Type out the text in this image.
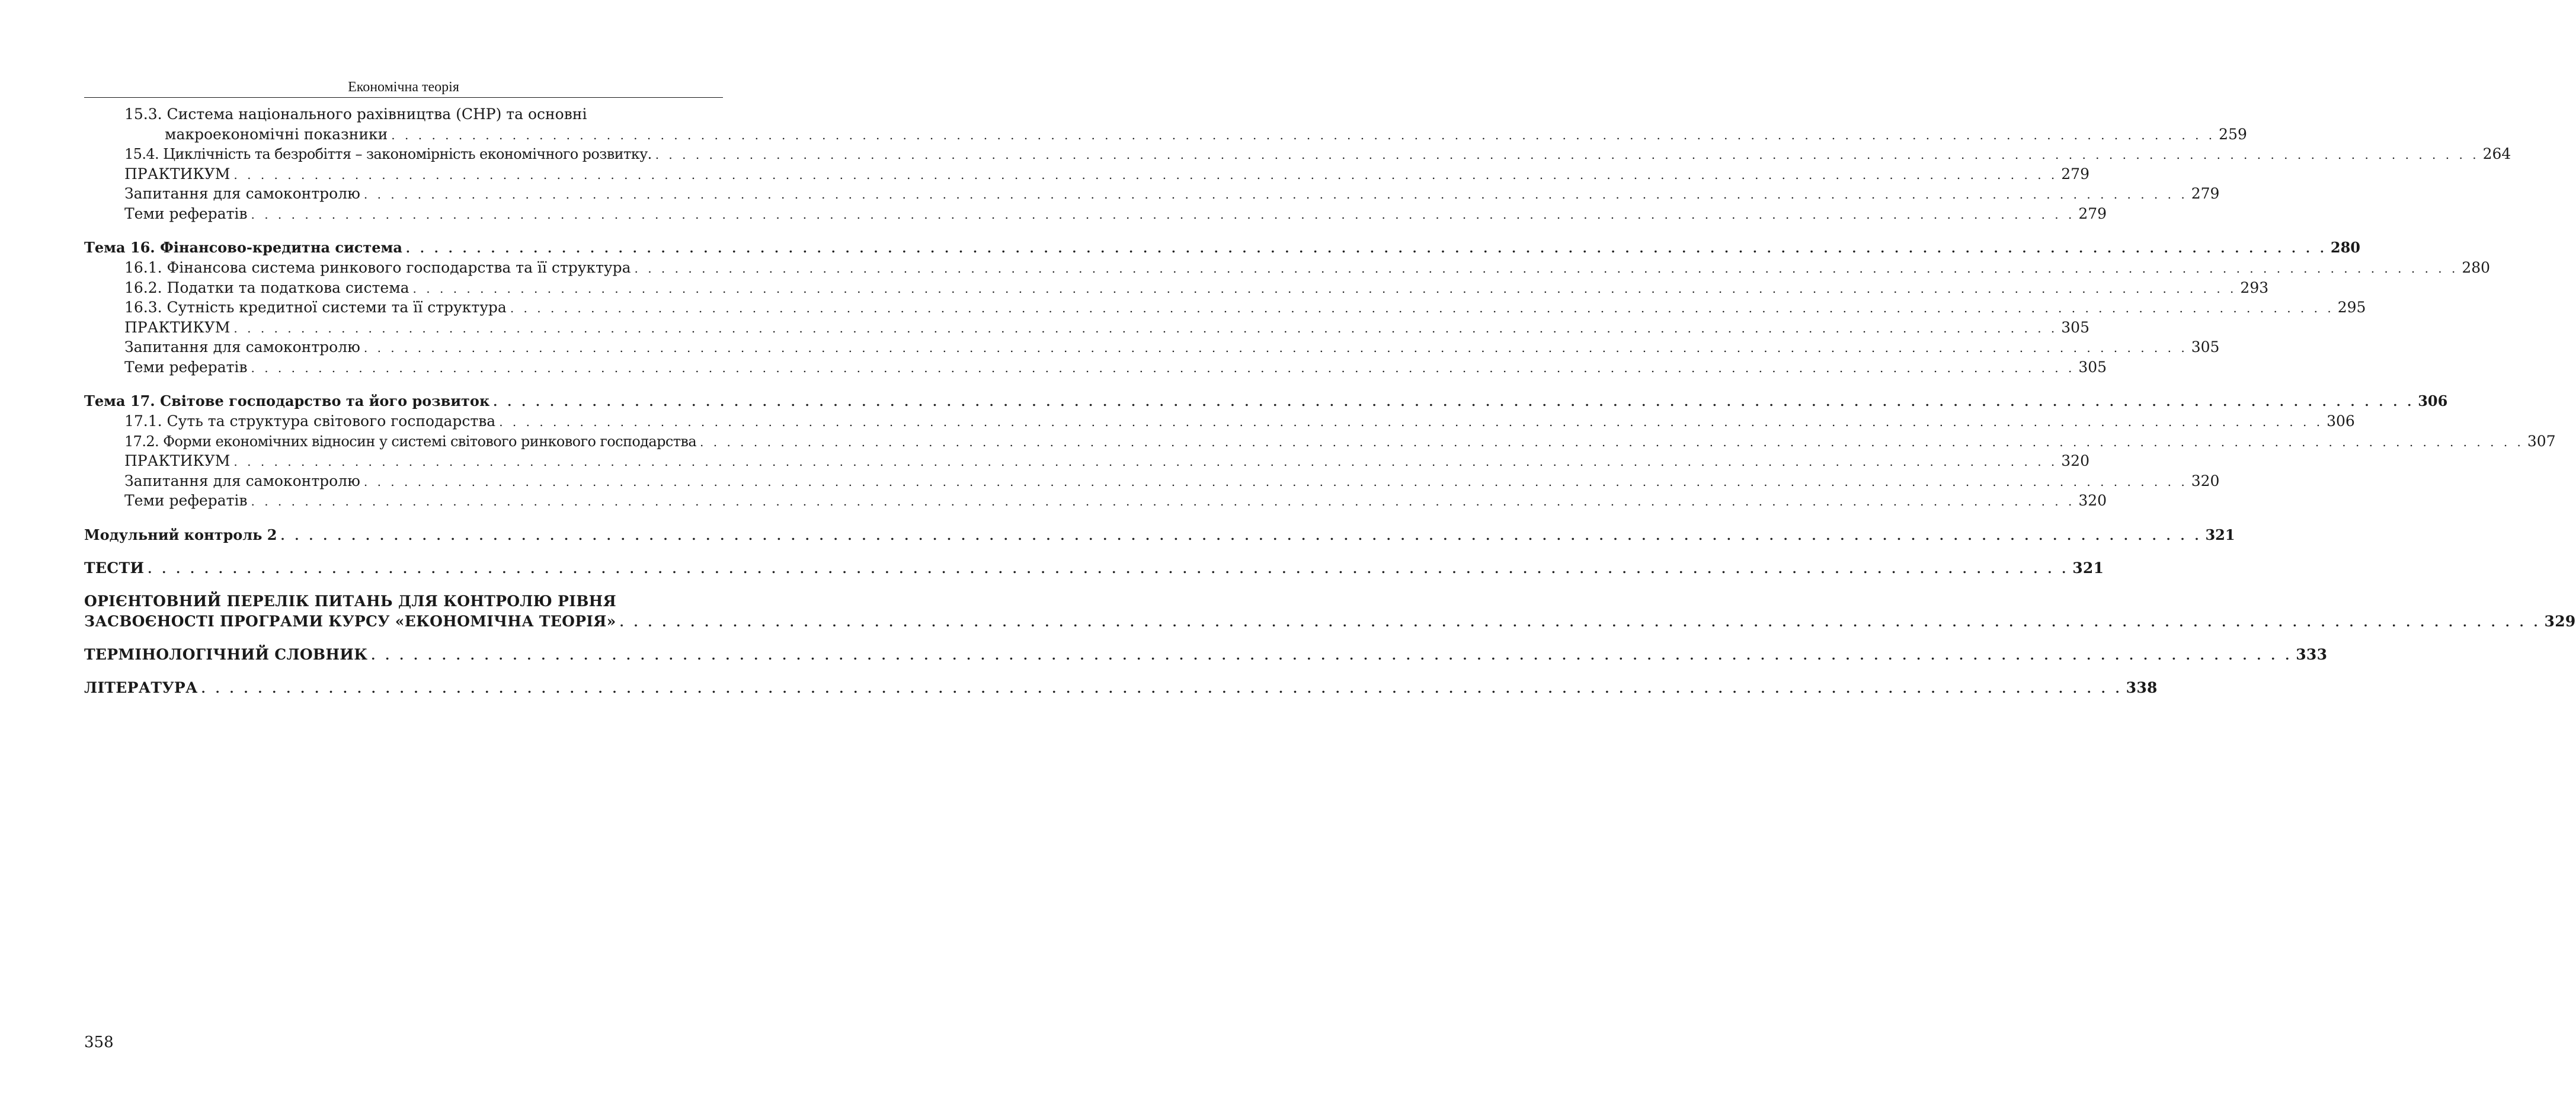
Економічна теорія
15.3. Система національного рахівництва (СНР) та основні
макроекономічні показники . . .	259
15.4. Циклічність та безробіття – закономірність економічного розвитку. . . .	264
ПРАКТИКУМ . . .	279
Запитання для самоконтролю . . .	279
Теми рефератів . . .	279
Тема 16. Фінансово-кредитна система . . .	280
16.1. Фінансова система ринкового господарства та її структура . . .	280
16.2. Податки та податкова система . . .	293
16.3. Сутність кредитної системи та її структура . . .	295
ПРАКТИКУМ . . .	305
Запитання для самоконтролю . . .	305
Теми рефератів . . .	305
Тема 17. Світове господарство та його розвиток . . .	306
17.1. Суть та структура світового господарства . . .	306
17.2. Форми економічних відносин у системі світового ринкового господарства . . .	307
ПРАКТИКУМ . . .	320
Запитання для самоконтролю . . .	320
Теми рефератів . . .	320
Модульний контроль 2 . . .	321
ТЕСТИ . . .	321
ОРІЄНТОВНИЙ ПЕРЕЛІК ПИТАНЬ ДЛЯ КОНТРОЛЮ РІВНЯ
ЗАСВОЄНОСТІ ПРОГРАМИ КУРСУ «ЕКОНОМІЧНА ТЕОРІЯ» . . .	329
ТЕРМІНОЛОГІЧНИЙ СЛОВНИК . . .	333
ЛІТЕРАТУРА . . .	338
358
